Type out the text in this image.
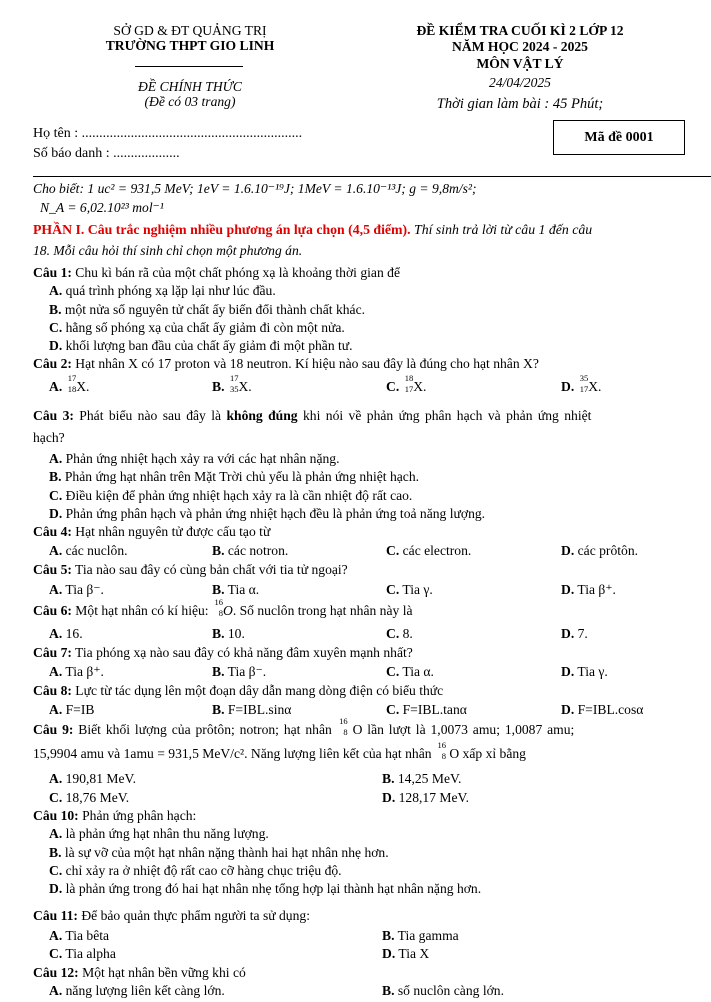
SỞ GD & ĐT QUẢNG TRỊ
TRƯỜNG THPT GIO LINH
ĐỀ CHÍNH THỨC
(Đề có 03 trang)
ĐỀ KIỂM TRA CUỐI KÌ 2 LỚP 12
NĂM HỌC 2024 - 2025
MÔN VẬT LÝ
24/04/2025
Thời gian làm bài : 45 Phút;
Họ tên : ...............................................................
Số báo danh : ...................
Mã đề 0001
Cho biết: 1 uc² = 931,5 MeV; 1eV = 1.6.10⁻¹⁹J; 1MeV = 1.6.10⁻¹³J; g = 9,8m/s²;
N_A = 6,02.10²³ mol⁻¹
PHẦN I. Câu trắc nghiệm nhiều phương án lựa chọn (4,5 điểm). Thí sinh trả lời từ câu 1 đến câu
18. Mỗi câu hỏi thí sinh chỉ chọn một phương án.
Câu 1: Chu kì bán rã của một chất phóng xạ là khoảng thời gian để
A. quá trình phóng xạ lặp lại như lúc đầu.
B. một nửa số nguyên tử chất ấy biến đổi thành chất khác.
C. hằng số phóng xạ của chất ấy giảm đi còn một nửa.
D. khối lượng ban đầu của chất ấy giảm đi một phần tư.
Câu 2: Hạt nhân X có 17 proton và 18 neutron. Kí hiệu nào sau đây là đúng cho hạt nhân X?
A.
17
18 X.	B.
17
35 X.	C.
18
17 X.	D.
35
17 X.
Câu 3: Phát biểu nào sau đây là không đúng khi nói về phản ứng phân hạch và phản ứng nhiệt
hạch?
A. Phản ứng nhiệt hạch xảy ra với các hạt nhân nặng.
B. Phản ứng hạt nhân trên Mặt Trời chủ yếu là phản ứng nhiệt hạch.
C. Điều kiện để phản ứng nhiệt hạch xảy ra là cần nhiệt độ rất cao.
D. Phản ứng phân hạch và phản ứng nhiệt hạch đều là phản ứng toả năng lượng.
Câu 4: Hạt nhân nguyên tử được cấu tạo từ
A. các nuclôn.	B. các notron.	C. các electron.	D. các prôtôn.
Câu 5: Tia nào sau đây có cùng bản chất với tia tử ngoại?
A. Tia β⁻.	B. Tia α.	C. Tia γ.	D. Tia β⁺.
Câu 6: Một hạt nhân có kí hiệu:
16
8 O. Số nuclôn trong hạt nhân này là
A. 16.	B. 10.	C. 8.	D. 7.
Câu 7: Tia phóng xạ nào sau đây có khả năng đâm xuyên mạnh nhất?
A. Tia β⁺.	B. Tia β⁻.	C. Tia α.	D. Tia γ.
Câu 8: Lực từ tác dụng lên một đoạn dây dẫn mang dòng điện có biểu thức
A. F=IB	B. F=IBL.sinα	C. F=IBL.tanα	D. F=IBL.cosα
Câu 9: Biết khối lượng của prôtôn; notron; hạt nhân
16
8 O lần lượt là 1,0073 amu; 1,0087 amu;
15,9904 amu và 1amu = 931,5 MeV/c². Năng lượng liên kết của hạt nhân
16
8 O xấp xỉ bằng
A. 190,81 MeV.	B. 14,25 MeV.
C. 18,76 MeV.	D. 128,17 MeV.
Câu 10: Phản ứng phân hạch:
A. là phản ứng hạt nhân thu năng lượng.
B. là sự vỡ của một hạt nhân nặng thành hai hạt nhân nhẹ hơn.
C. chỉ xảy ra ở nhiệt độ rất cao cỡ hàng chục triệu độ.
D. là phản ứng trong đó hai hạt nhân nhẹ tổng hợp lại thành hạt nhân nặng hơn.
Câu 11: Để bảo quản thực phẩm người ta sử dụng:
A. Tia bêta	B. Tia gamma
C. Tia alpha	D. Tia X
Câu 12: Một hạt nhân bền vững khi có
A. năng lượng liên kết càng lớn.	B. số nuclôn càng lớn.
